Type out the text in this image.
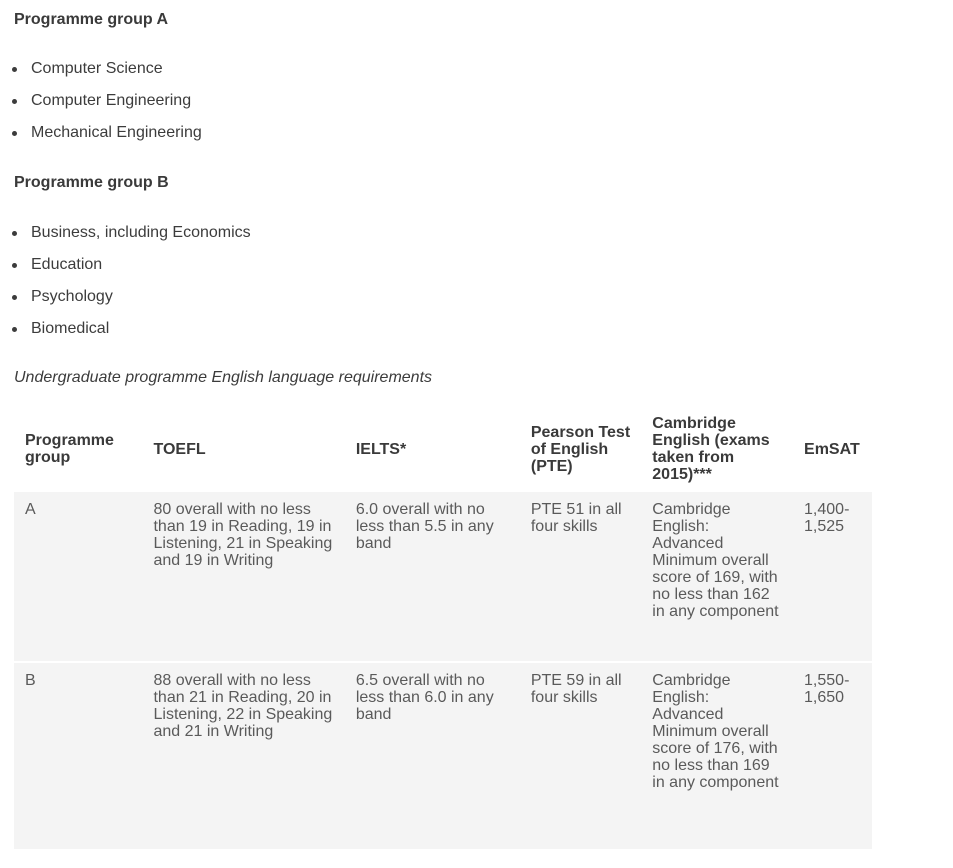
Programme group A
Computer Science
Computer Engineering
Mechanical Engineering
Programme group B
Business, including Economics
Education
Psychology
Biomedical

Undergraduate programme English language requirements

Programme group	TOEFL	IELTS*	Pearson Test of English (PTE)	Cambridge English (exams taken from 2015)***	EmSAT
A	80 overall with no less than 19 in Reading, 19 in Listening, 21 in Speaking and 19 in Writing	6.0 overall with no less than 5.5 in any band	PTE 51 in all four skills	Cambridge English: Advanced Minimum overall score of 169, with no less than 162 in any component	1,400-1,525
B	88 overall with no less than 21 in Reading, 20 in Listening, 22 in Speaking and 21 in Writing	6.5 overall with no less than 6.0 in any band	PTE 59 in all four skills	Cambridge English: Advanced Minimum overall score of 176, with no less than 169 in any component	1,550-1,650
